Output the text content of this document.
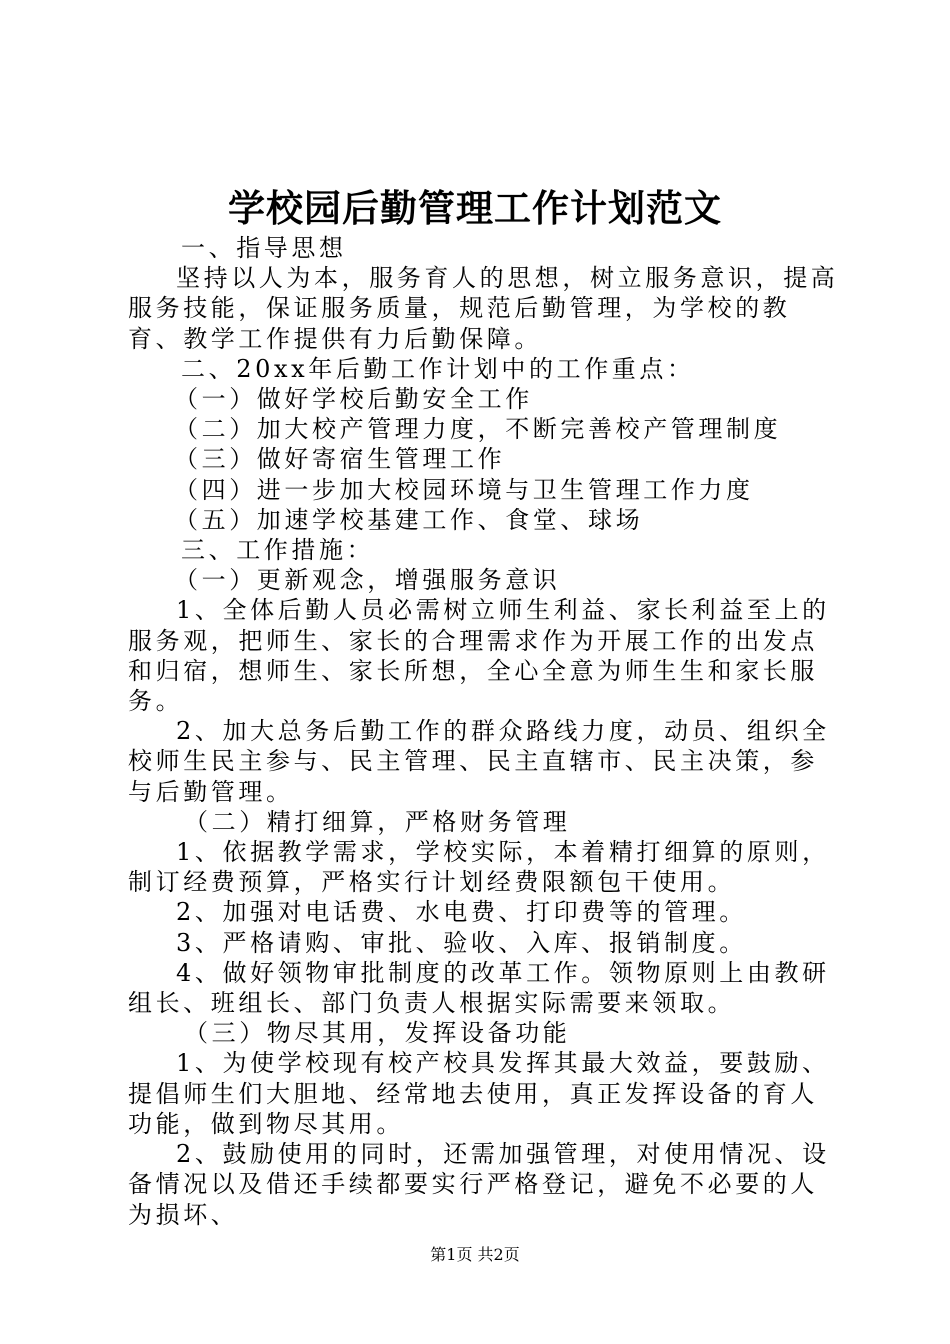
学校园后勤管理工作计划范文

一、指导思想

坚持以人为本，服务育人的思想，树立服务意识，提高服务技能，保证服务质量，规范后勤管理，为学校的教育、教学工作提供有力后勤保障。

二、20xx年后勤工作计划中的工作重点：

（一）做好学校后勤安全工作

（二）加大校产管理力度，不断完善校产管理制度

（三）做好寄宿生管理工作

（四）进一步加大校园环境与卫生管理工作力度

（五）加速学校基建工作、食堂、球场

三、工作措施：

（一）更新观念，增强服务意识

1、全体后勤人员必需树立师生利益、家长利益至上的服务观，把师生、家长的合理需求作为开展工作的出发点和归宿，想师生、家长所想，全心全意为师生生和家长服务。

2、加大总务后勤工作的群众路线力度，动员、组织全校师生民主参与、民主管理、民主直辖市、民主决策，参与后勤管理。

（二）精打细算，严格财务管理

1、依据教学需求，学校实际，本着精打细算的原则，制订经费预算，严格实行计划经费限额包干使用。

2、加强对电话费、水电费、打印费等的管理。

3、严格请购、审批、验收、入库、报销制度。

4、做好领物审批制度的改革工作。领物原则上由教研组长、班组长、部门负责人根据实际需要来领取。

（三）物尽其用，发挥设备功能

1、为使学校现有校产校具发挥其最大效益，要鼓励、提倡师生们大胆地、经常地去使用，真正发挥设备的育人功能，做到物尽其用。

2、鼓励使用的同时，还需加强管理，对使用情况、设备情况以及借还手续都要实行严格登记，避免不必要的人为损坏、

第1页 共2页
